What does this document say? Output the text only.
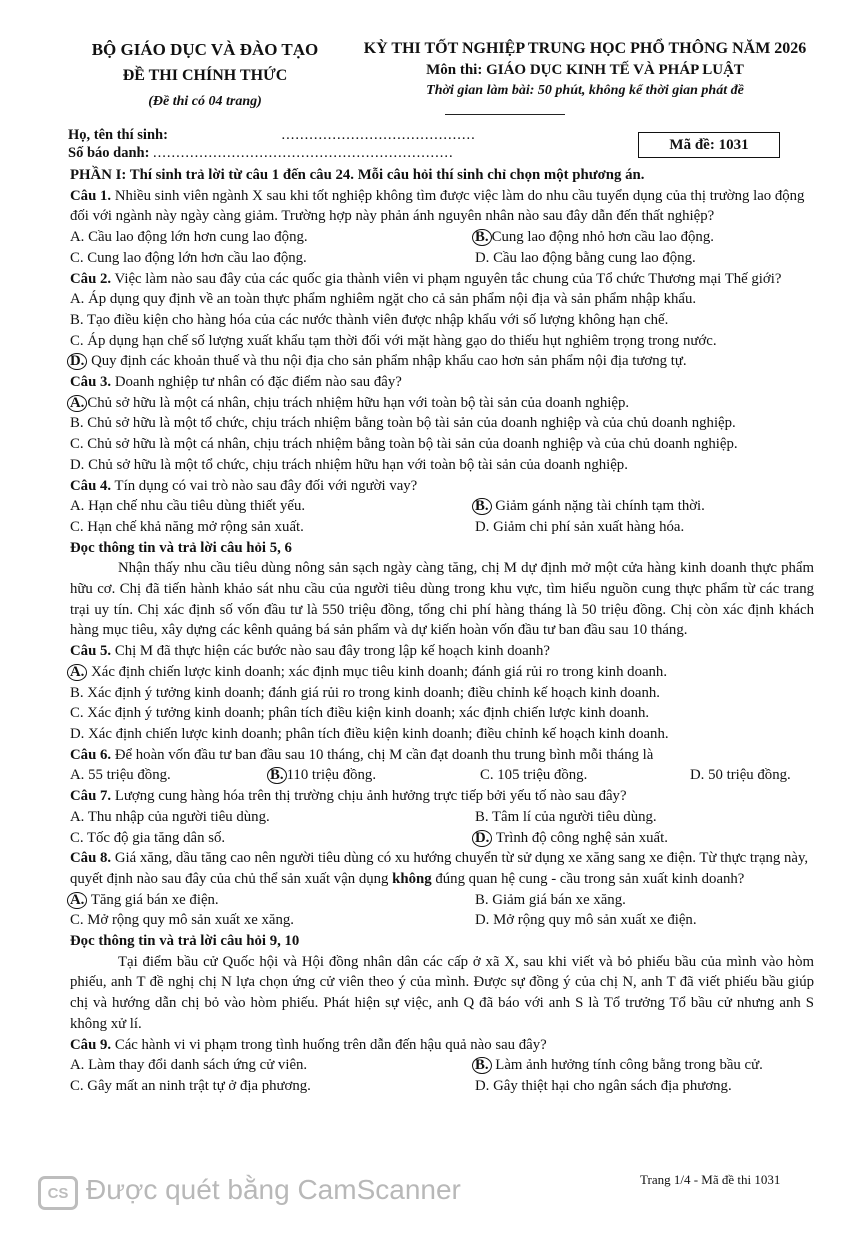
BỘ GIÁO DỤC VÀ ĐÀO TẠO
ĐỀ THI CHÍNH THỨC
(Đề thi có 04 trang)
KỲ THI TỐT NGHIỆP TRUNG HỌC PHỔ THÔNG NĂM 2026
Môn thi: GIÁO DỤC KINH TẾ VÀ PHÁP LUẬT
Thời gian làm bài: 50 phút, không kể thời gian phát đề
Họ, tên thí sinh:	..........................................
Số báo danh: .................................................................
Mã đề: 1031

PHẦN I: Thí sinh trả lời từ câu 1 đến câu 24. Mỗi câu hỏi thí sinh chỉ chọn một phương án.

Câu 1. Nhiều sinh viên ngành X sau khi tốt nghiệp không tìm được việc làm do nhu cầu tuyển dụng của thị trường lao động đối với ngành này ngày càng giảm. Trường hợp này phản ánh nguyên nhân nào sau đây dẫn đến thất nghiệp?

A. Cầu lao động lớn hơn cung lao động.	B. Cung lao động nhỏ hơn cầu lao động.
C. Cung lao động lớn hơn cầu lao động.	D. Cầu lao động bằng cung lao động.

Câu 2. Việc làm nào sau đây của các quốc gia thành viên vi phạm nguyên tắc chung của Tổ chức Thương mại Thế giới?

A. Áp dụng quy định về an toàn thực phẩm nghiêm ngặt cho cả sản phẩm nội địa và sản phẩm nhập khẩu.

B. Tạo điều kiện cho hàng hóa của các nước thành viên được nhập khẩu với số lượng không hạn chế.

C. Áp dụng hạn chế số lượng xuất khẩu tạm thời đối với mặt hàng gạo do thiếu hụt nghiêm trọng trong nước.

D. Quy định các khoản thuế và thu nội địa cho sản phẩm nhập khẩu cao hơn sản phẩm nội địa tương tự.

Câu 3. Doanh nghiệp tư nhân có đặc điểm nào sau đây?

A. Chủ sở hữu là một cá nhân, chịu trách nhiệm hữu hạn với toàn bộ tài sản của doanh nghiệp.

B. Chủ sở hữu là một tổ chức, chịu trách nhiệm bằng toàn bộ tài sản của doanh nghiệp và của chủ doanh nghiệp.

C. Chủ sở hữu là một cá nhân, chịu trách nhiệm bằng toàn bộ tài sản của doanh nghiệp và của chủ doanh nghiệp.

D. Chủ sở hữu là một tổ chức, chịu trách nhiệm hữu hạn với toàn bộ tài sản của doanh nghiệp.

Câu 4. Tín dụng có vai trò nào sau đây đối với người vay?

A. Hạn chế nhu cầu tiêu dùng thiết yếu.	B. Giảm gánh nặng tài chính tạm thời.
C. Hạn chế khả năng mở rộng sản xuất.	D. Giảm chi phí sản xuất hàng hóa.

Đọc thông tin và trả lời câu hỏi 5, 6

Nhận thấy nhu cầu tiêu dùng nông sản sạch ngày càng tăng, chị M dự định mở một cửa hàng kinh doanh thực phẩm hữu cơ. Chị đã tiến hành khảo sát nhu cầu của người tiêu dùng trong khu vực, tìm hiểu nguồn cung thực phẩm từ các trang trại uy tín. Chị xác định số vốn đầu tư là 550 triệu đồng, tổng chi phí hàng tháng là 50 triệu đồng. Chị còn xác định khách hàng mục tiêu, xây dựng các kênh quảng bá sản phẩm và dự kiến hoàn vốn đầu tư ban đầu sau 10 tháng.

Câu 5. Chị M đã thực hiện các bước nào sau đây trong lập kế hoạch kinh doanh?

A. Xác định chiến lược kinh doanh; xác định mục tiêu kinh doanh; đánh giá rủi ro trong kinh doanh.

B. Xác định ý tưởng kinh doanh; đánh giá rủi ro trong kinh doanh; điều chỉnh kế hoạch kinh doanh.

C. Xác định ý tưởng kinh doanh; phân tích điều kiện kinh doanh; xác định chiến lược kinh doanh.

D. Xác định chiến lược kinh doanh; phân tích điều kiện kinh doanh; điều chỉnh kế hoạch kinh doanh.

Câu 6. Để hoàn vốn đầu tư ban đầu sau 10 tháng, chị M cần đạt doanh thu trung bình mỗi tháng là

A. 55 triệu đồng.	B.110 triệu đồng.	C. 105 triệu đồng.	D. 50 triệu đồng.

Câu 7. Lượng cung hàng hóa trên thị trường chịu ảnh hưởng trực tiếp bởi yếu tố nào sau đây?

A. Thu nhập của người tiêu dùng.	B. Tâm lí của người tiêu dùng.
C. Tốc độ gia tăng dân số.	D. Trình độ công nghệ sản xuất.

Câu 8. Giá xăng, dầu tăng cao nên người tiêu dùng có xu hướng chuyển từ sử dụng xe xăng sang xe điện. Từ thực trạng này, quyết định nào sau đây của chủ thể sản xuất vận dụng không đúng quan hệ cung - cầu trong sản xuất kinh doanh?

A. Tăng giá bán xe điện.	B. Giảm giá bán xe xăng.
C. Mở rộng quy mô sản xuất xe xăng.	D. Mở rộng quy mô sản xuất xe điện.

Đọc thông tin và trả lời câu hỏi 9, 10

Tại điểm bầu cử Quốc hội và Hội đồng nhân dân các cấp ở xã X, sau khi viết và bỏ phiếu bầu của mình vào hòm phiếu, anh T đề nghị chị N lựa chọn ứng cử viên theo ý của mình. Được sự đồng ý của chị N, anh T đã viết phiếu bầu giúp chị và hướng dẫn chị bỏ vào hòm phiếu. Phát hiện sự việc, anh Q đã báo với anh S là Tổ trưởng Tổ bầu cử nhưng anh S không xử lí.

Câu 9. Các hành vi vi phạm trong tình huống trên dẫn đến hậu quả nào sau đây?

A. Làm thay đổi danh sách ứng cử viên.	B. Làm ảnh hưởng tính công bằng trong bầu cử.
C. Gây mất an ninh trật tự ở địa phương.	D. Gây thiệt hại cho ngân sách địa phương.
CS Được quét bằng CamScanner	Trang 1/4 - Mã đề thi 1031
